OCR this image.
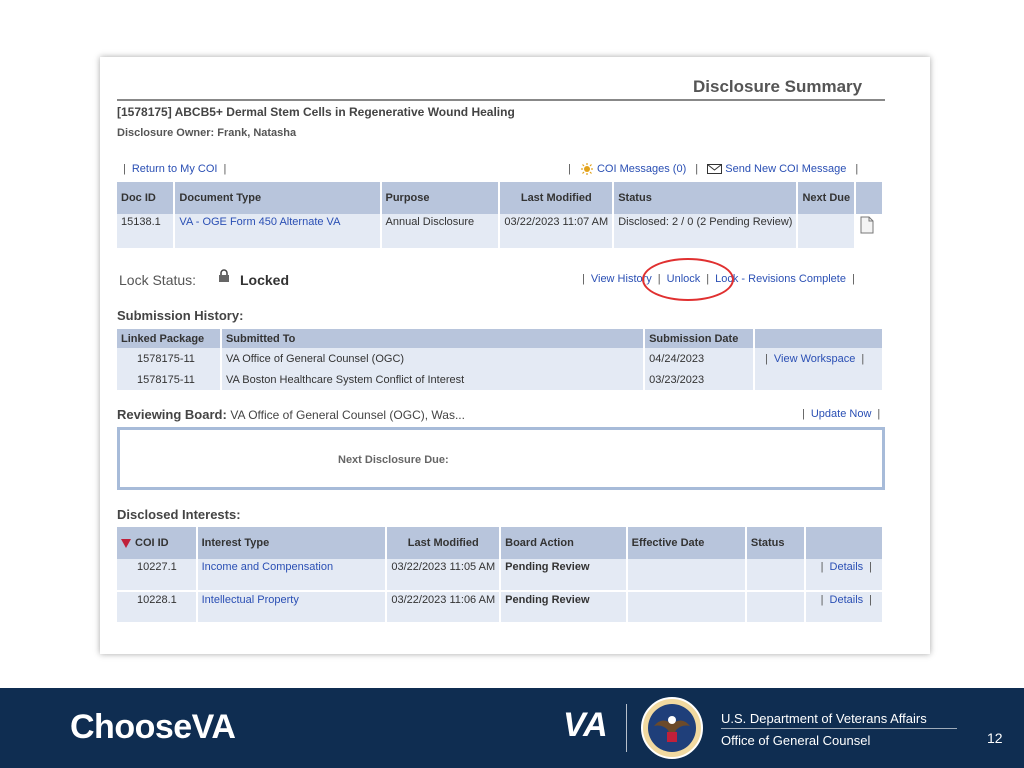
Disclosure Summary
[1578175] ABCB5+ Dermal Stem Cells in Regenerative Wound Healing
Disclosure Owner: Frank, Natasha
| Return to My COI |	| COI Messages (0) | Send New COI Message |
Doc ID	Document Type	Purpose	Last Modified	Status	Next Due	
15138.1	VA - OGE Form 450 Alternate VA	Annual Disclosure	03/22/2023 11:07 AM	Disclosed: 2 / 0 (2 Pending Review)		
Lock Status:	Locked	| View History | Unlock | Lock - Revisions Complete |
Submission History:
Linked Package	Submitted To	Submission Date	
1578175-11	VA Office of General Counsel (OGC)	04/24/2023	| View Workspace |
1578175-11	VA Boston Healthcare System Conflict of Interest	03/23/2023	
Reviewing Board: VA Office of General Counsel (OGC), Was...	| Update Now |
Next Disclosure Due:
Disclosed Interests:
COI ID	Interest Type	Last Modified	Board Action	Effective Date	Status	
10227.1	Income and Compensation	03/22/2023 11:05 AM	Pending Review			| Details |
10228.1	Intellectual Property	03/22/2023 11:06 AM	Pending Review			| Details |
ChooseVA	VA	U.S. Department of Veterans Affairs
Office of General Counsel	12
